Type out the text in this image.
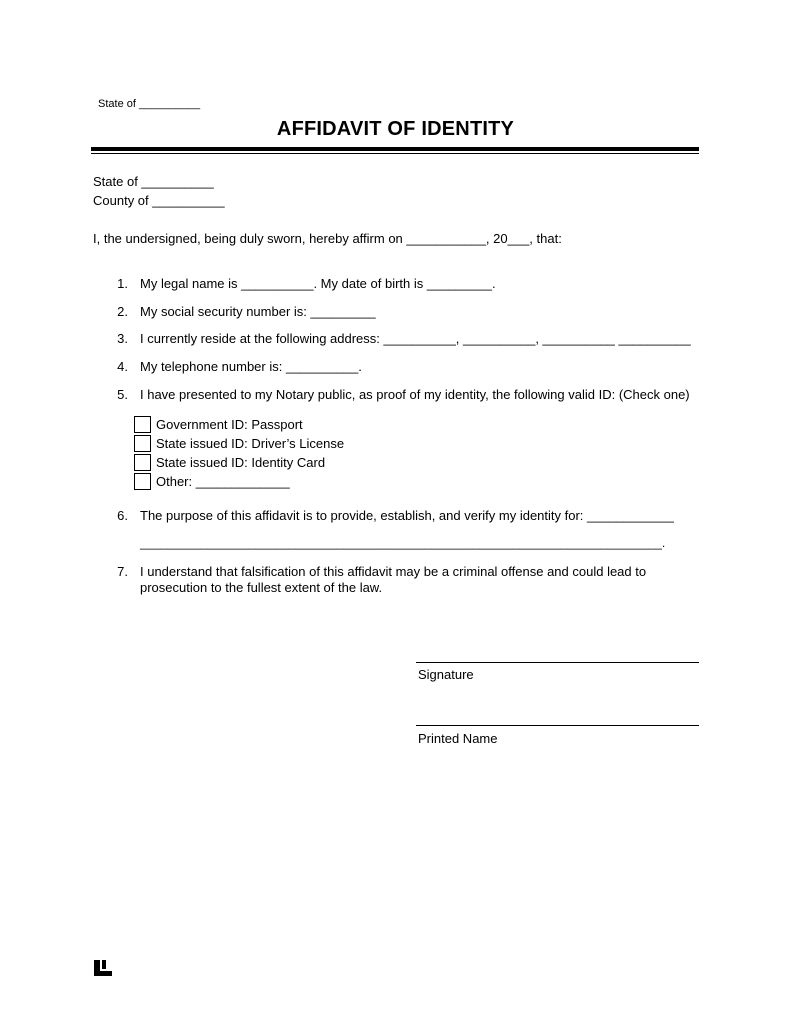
State of __________
AFFIDAVIT OF IDENTITY
State of __________
County of __________
I, the undersigned, being duly sworn, hereby affirm on ___________, 20___, that:
1. My legal name is __________. My date of birth is _________.
2. My social security number is: _________
3. I currently reside at the following address: __________, __________, __________ __________
4. My telephone number is: __________.
5. I have presented to my Notary public, as proof of my identity, the following valid ID: (Check one)
Government ID: Passport
State issued ID: Driver’s License
State issued ID: Identity Card
Other: _____________
6. The purpose of this affidavit is to provide, establish, and verify my identity for: ____________
_____________________________________________________________________________.
7. I understand that falsification of this affidavit may be a criminal offense and could lead to
prosecution to the fullest extent of the law.
Signature
Printed Name
